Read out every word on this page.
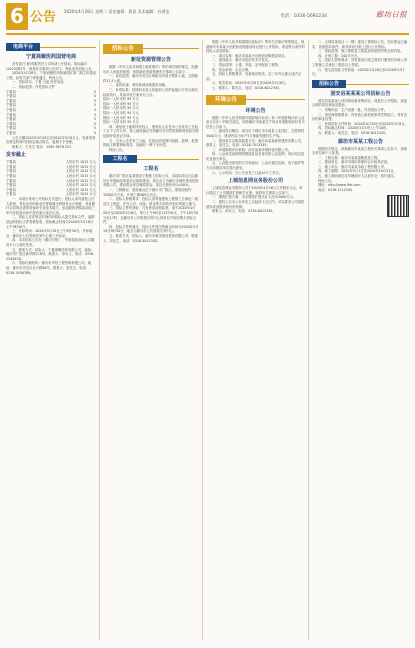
6 公告 2020年4月28日 星期二 责任编辑：葛思 美术编辑：孙勇忠
电话：0316-5691234	廊坊日报
电商平台
宁夏商聚医药国营电商

首先拟(宁夏)有限责任公司申请公开招标，招标编号(2020)第2号，现将有关事项公告如下，特此发布招标公告。

2020年4月28日，宁夏商聚医药物流园区第二期主体建设工程，经有关部门审批通过，特此公告。

一、招标项目：宁夏 日起 医疗用品

二、招标范围：详见招标文件

宁夏局	5
宁夏局	5
宁夏局	5
宁夏局	5
宁夏局	5
宁夏局	5
宁夏局	5
宁夏局	5
宁夏局	5
宁夏局	5

公告日期2020年4月28日至2020年5月8日止，有意者请在规定时间内到指定地点报名，逾期不予受理。

联系人：王先生 电话：1365 9876 321

发布截止
宁夏局	人民币约 1015 万元
宁夏局	人民币约 1015 万元
宁夏局	人民币约 1015 万元
宁夏局	人民币约 1015 万元
宁夏局	人民币约 1015 万元
宁夏局	人民币约 1015 万元
宁夏局	人民币约 1015 万元
宁夏局	人民币约 1015 万元

一、本项目采用公开招标方式进行，投标人须具备独立法人资格，具有良好的商业信誉和健全的财务会计制度，具有履行合同所必需的设备和专业技术能力，参加政府采购活动前三年内在经营活动中没有重大违法记录。

二、投标人应在规定时间内向招标人提交投标文件，逾期送达的投标文件将被拒收。投标截止时间为2020年5月18日上午9时30分。

三、开标时间：2020年5月18日上午9时30分，开标地点：廊坊市公共资源交易中心第三开标室。

四、本次招标公告在《廊坊日报》、中国招标投标公共服务平台上同时发布。

五、联系方式：招标人：宁夏商聚医药有限公司，地址：廊坊市广阳区新华路116号，联系人：李女士，电话：0316-2345678。

六、招标代理机构：廊坊市华信工程咨询有限公司，地址：廊坊市安次区永兴路88号，联系人：张先生，电话：0316-3456789。

招标公告
新征资源管理公告

根据《中华人民共和国土地管理法》等法律法规的规定，经廊坊市人民政府批准，现将新征资源管理有关事项公告如下。

一、征收范围：廊坊市安次区杨税务乡部分集体土地，总面积约12.5公顷。

二、征收用途：城市基础设施建设用地。

三、补偿标准：按照河北省人民政府公布的征地区片综合地价标准执行，具体补偿方案另行公告。

招标一人民币约 95 万元
招标一人民币约 95 万元
招标一人民币约 95 万元
招标一人民币约 95 万元
招标一人民币约 95 万元
招标一人民币约 95 万元

四、被征收土地的所有权人、使用权人应在本公告发布之日起十五个工作日内，持土地权属证书到廊坊市自然资源和规划局办理征地补偿登记手续。

五、自本公告发布之日起，在拟征收范围内抢栽、抢种、抢建的地上附着物和青苗，征地时一律不予补偿。

特此公告。

工程名
工程名

廊坊市广阳区某某建设工程施工招标公告，本招标项目已由廊坊市发展和改革委员会批准建设，项目业主为廊坊市城市建设投资有限公司，建设资金来自财政资金，项目出资比例为100%。

一、工程概况：建设地点位于廊坊市广阳区，建筑面积约32000平方米，计划工期365日历天。

二、投标人资格要求：投标人须具备建筑工程施工总承包二级及以上资质，并在人员、设备、资金等方面具有相应的施工能力。

三、招标文件的获取：凡有意参加投标者，请于2020年4月28日至2020年5月6日，每日上午9时至11时30分，下午14时30分至17时，在廊坊市公共资源交易中心持单位介绍信购买招标文件。

四、投标文件的递交：投标文件递交的截止时间为2020年5月19日9时30分，地点为廊坊市公共资源交易中心。

五、联系方式：招标人：廊坊市城市建设投资有限公司，联系人：刘先生，电话：0316-5012345。

根据《中华人民共和国招标投标法》等有关法律法规的规定，现就廊坊市某某小区配套设施建设项目进行公开招标，欢迎符合条件的投标人参加投标。

一、项目名称：廊坊市某某小区配套设施建设项目。

二、建设地点：廊坊市经济技术开发区。

三、招标范围：土建、安装、室外配套工程等。

四、资金来源：企业自筹。

五、投标人资格要求：具备相应资质，近三年内无重大违法记录。

六、报名时间：2020年4月28日至2020年5月8日。

七、联系人：陈先生，电话：0316-6012345。

环境公告
环境公告

根据《中华人民共和国环境影响评价法》和《环境影响评价公众参与办法》的相关规定，现将廊坊市某某生产项目环境影响评价有关信息公告如下。

一、建设项目概况：项目位于廊坊市永清县工业园区，总投资约5000万元，建设内容为年产5万吨新型建材生产线。

二、建设单位名称及联系方式：廊坊市某某新型建材有限公司，联系人：赵先生，电话：0316-7012345。

三、环境影响评价机构：河北某某环境科技有限公司。

四、公众意见表的网络链接及征求意见的公众范围：项目周边居民及相关单位。

五、公众提出意见的方式和途径：公众可通过信函、电子邮件等方式向建设单位提出意见。

六、公示时间：自公告发布之日起10个工作日。

上城信息网业务股份公司

上城信息网业务股份公司于2020年4月28日召开股东大会，审议通过了公司增资扩股相关议案，现将有关事项公告如下。

一、增资扩股方案：本次增资扩股共计人民币3000万元。

二、债权人自本公告发布之日起四十五日内，可以要求公司清偿债务或者提供相应的担保。

联系人：孙女士，电话：0316-8012345。

二、大城县某项目（一期）建设工程招标公告，项目资金已落实，具备招标条件，现对该项目施工进行公开招标。

三、招标范围：施工图纸及工程量清单范围内的全部内容。

四、计划工期：240日历天。

五、投标人资格要求：具有建设行政主管部门颁发的市政公用工程施工总承包三级及以上资质。

六、报名及招标文件获取：2020年4月28日至2020年5月7日。

招标公告
固安县某某某公司招标公告

固安县某某某公司所需设备采购项目，现进行公开招标，欢迎合格的供应商参加投标。

一、采购内容：生产设备一批，详见招标文件。

二、供应商资格要求：具有独立承担民事责任的能力，具有良好的商业信誉。

三、获取招标文件时间：2020年4月28日至2020年5月8日。

四、投标截止时间：2020年5月19日上午10时。

五、联系人：周先生，电话：0316-9012345。

廊坊市某某工程公告

根据有关规定，现将廊坊市某某工程有关事项公告如下，请相关单位和个人知悉。

一、工程名称：廊坊市某某道路改造工程。

二、建设单位：廊坊市城市管理综合行政执法局。

三、施工单位：廊坊市某某市政工程有限公司。

四、施工期限：2020年5月1日至2020年10月31日。

五、施工期间请过往车辆和行人注意安全，绕行通过。

特此公告。

网址：http://www.lfrb.com

电话：0316-2112345
